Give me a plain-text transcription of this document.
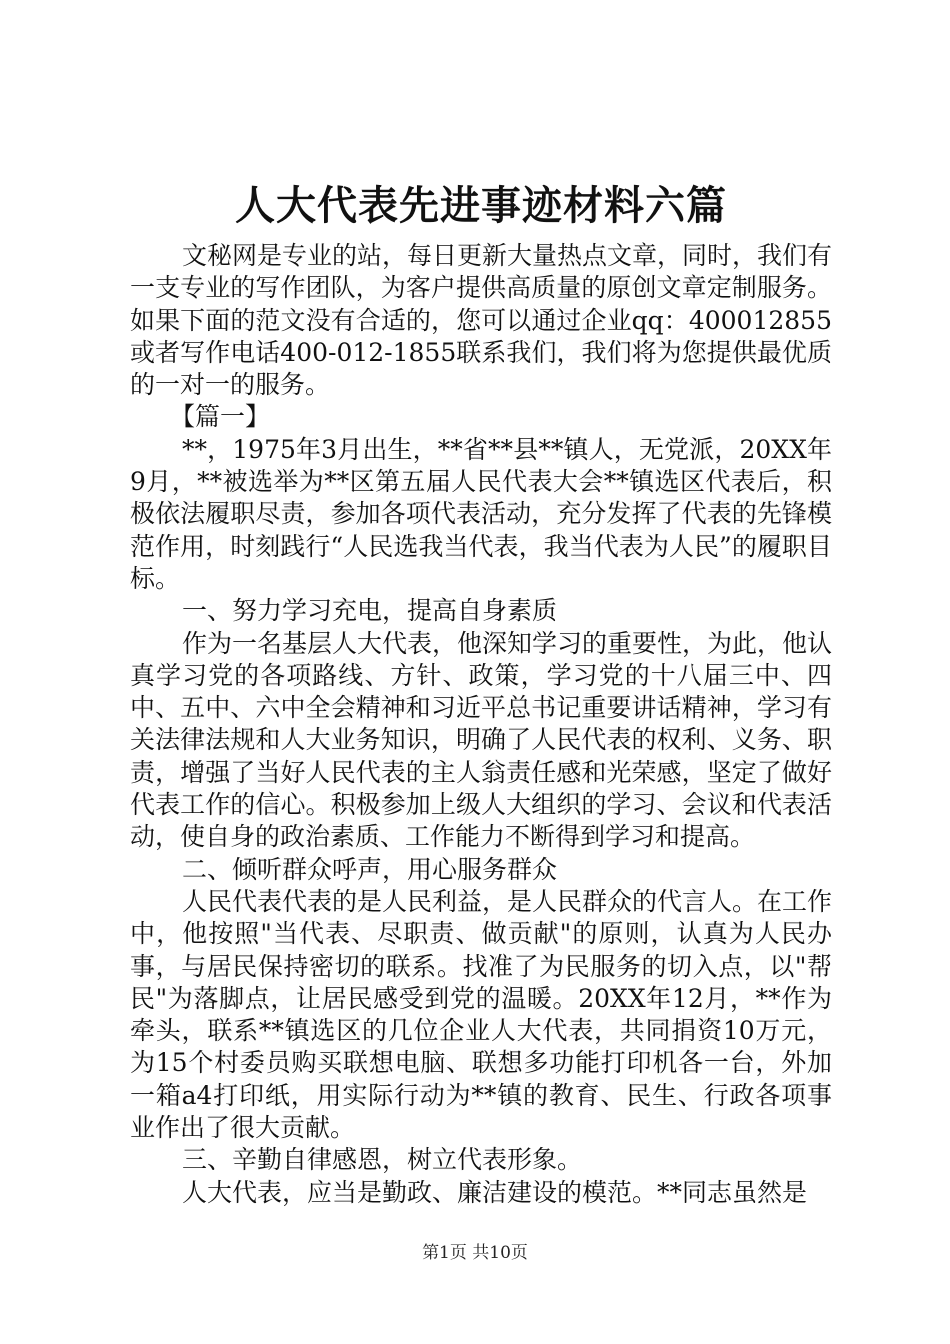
人大代表先进事迹材料六篇

文秘网是专业的站，每日更新大量热点文章，同时，我们有一支专业的写作团队，为客户提供高质量的原创文章定制服务。如果下面的范文没有合适的，您可以通过企业qq：400012855或者写作电话400-012-1855联系我们，我们将为您提供最优质的一对一的服务。

【篇一】

**，1975年3月出生，**省**县**镇人，无党派，20XX年9月，**被选举为**区第五届人民代表大会**镇选区代表后，积极依法履职尽责，参加各项代表活动，充分发挥了代表的先锋模范作用，时刻践行“人民选我当代表，我当代表为人民”的履职目标。

一、努力学习充电，提高自身素质

作为一名基层人大代表，他深知学习的重要性，为此，他认真学习党的各项路线、方针、政策，学习党的十八届三中、四中、五中、六中全会精神和习近平总书记重要讲话精神，学习有关法律法规和人大业务知识，明确了人民代表的权利、义务、职责，增强了当好人民代表的主人翁责任感和光荣感，坚定了做好代表工作的信心。积极参加上级人大组织的学习、会议和代表活动，使自身的政治素质、工作能力不断得到学习和提高。

二、倾听群众呼声，用心服务群众

人民代表代表的是人民利益，是人民群众的代言人。在工作中，他按照"当代表、尽职责、做贡献"的原则，认真为人民办事，与居民保持密切的联系。找准了为民服务的切入点，以"帮民"为落脚点，让居民感受到党的温暖。20XX年12月，**作为牵头，联系**镇选区的几位企业人大代表，共同捐资10万元，为15个村委员购买联想电脑、联想多功能打印机各一台，外加一箱a4打印纸，用实际行动为**镇的教育、民生、行政各项事业作出了很大贡献。

三、辛勤自律感恩，树立代表形象。

人大代表，应当是勤政、廉洁建设的模范。**同志虽然是

第1页 共10页
